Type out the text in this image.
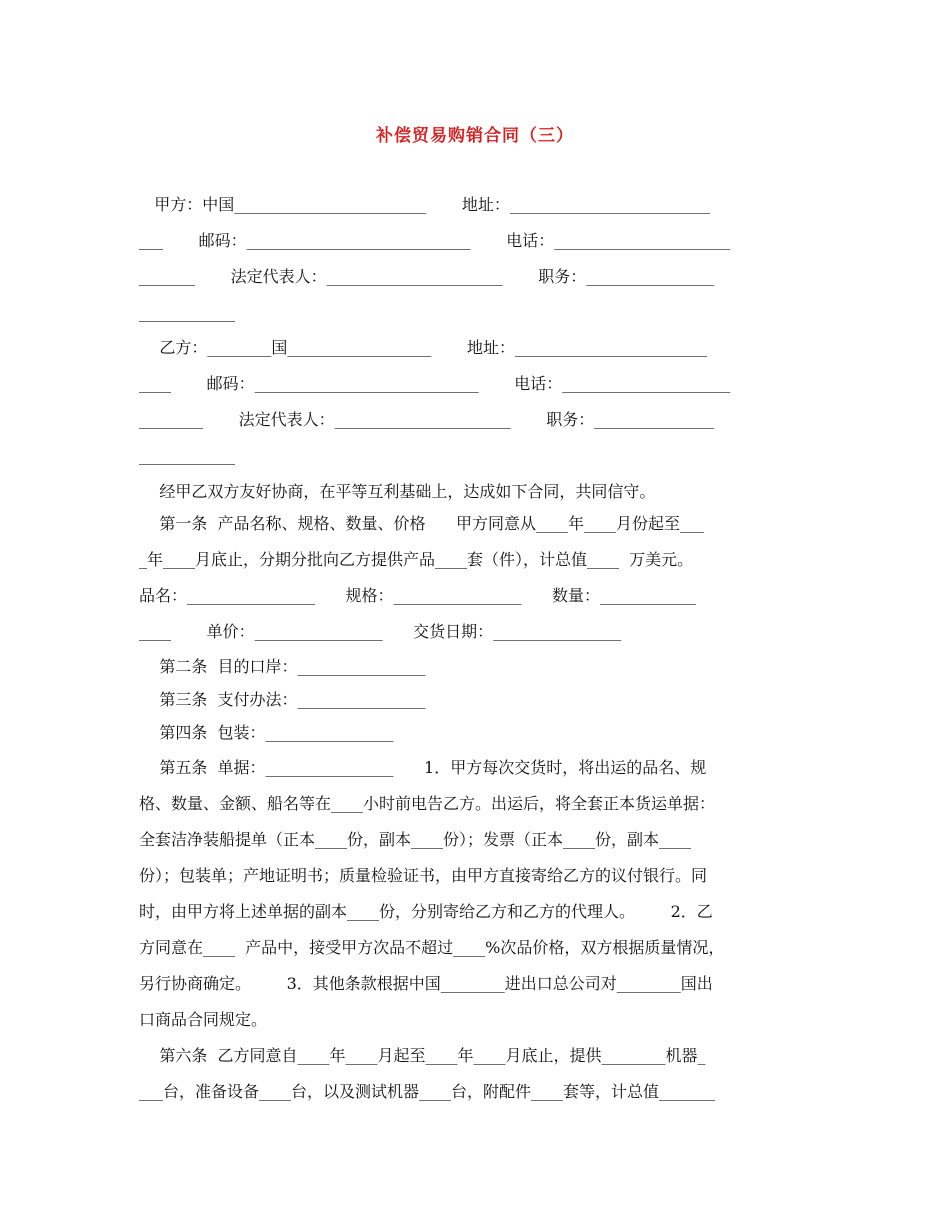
补偿贸易购销合同（三）
甲方：中国________________________       地址：_________________________
___       邮码：____________________________       电话：______________________
_______       法定代表人：______________________       职务：________________
____________
乙方：________国__________________       地址：________________________
____       邮码：____________________________       电话：_____________________
________       法定代表人：______________________       职务：_______________
____________
经甲乙双方友好协商，在平等互利基础上，达成如下合同，共同信守。
第一条  产品名称、规格、数量、价格      甲方同意从____年____月份起至___
_年____月底止，分期分批向乙方提供产品____套（件），计总值____  万美元。
品名：________________      规格：________________      数量：____________
____       单价：________________      交货日期：________________
第二条  目的口岸：________________
第三条  支付办法：________________
第四条  包装：________________
第五条  单据：________________      1．甲方每次交货时，将出运的品名、规
格、数量、金额、船名等在____小时前电告乙方。出运后，将全套正本货运单据：
全套洁净装船提单（正本____份，副本____份）；发票（正本____份，副本____
份）；包装单；产地证明书；质量检验证书，由甲方直接寄给乙方的议付银行。同
时，由甲方将上述单据的副本____份，分别寄给乙方和乙方的代理人。       2．乙
方同意在____  产品中，接受甲方次品不超过____%次品价格，双方根据质量情况，
另行协商确定。       3．其他条款根据中国________进出口总公司对________国出
口商品合同规定。
第六条  乙方同意自____年____月起至____年____月底止，提供________机器_
___台，准备设备____台，以及测试机器____台，附配件____套等，计总值_______
